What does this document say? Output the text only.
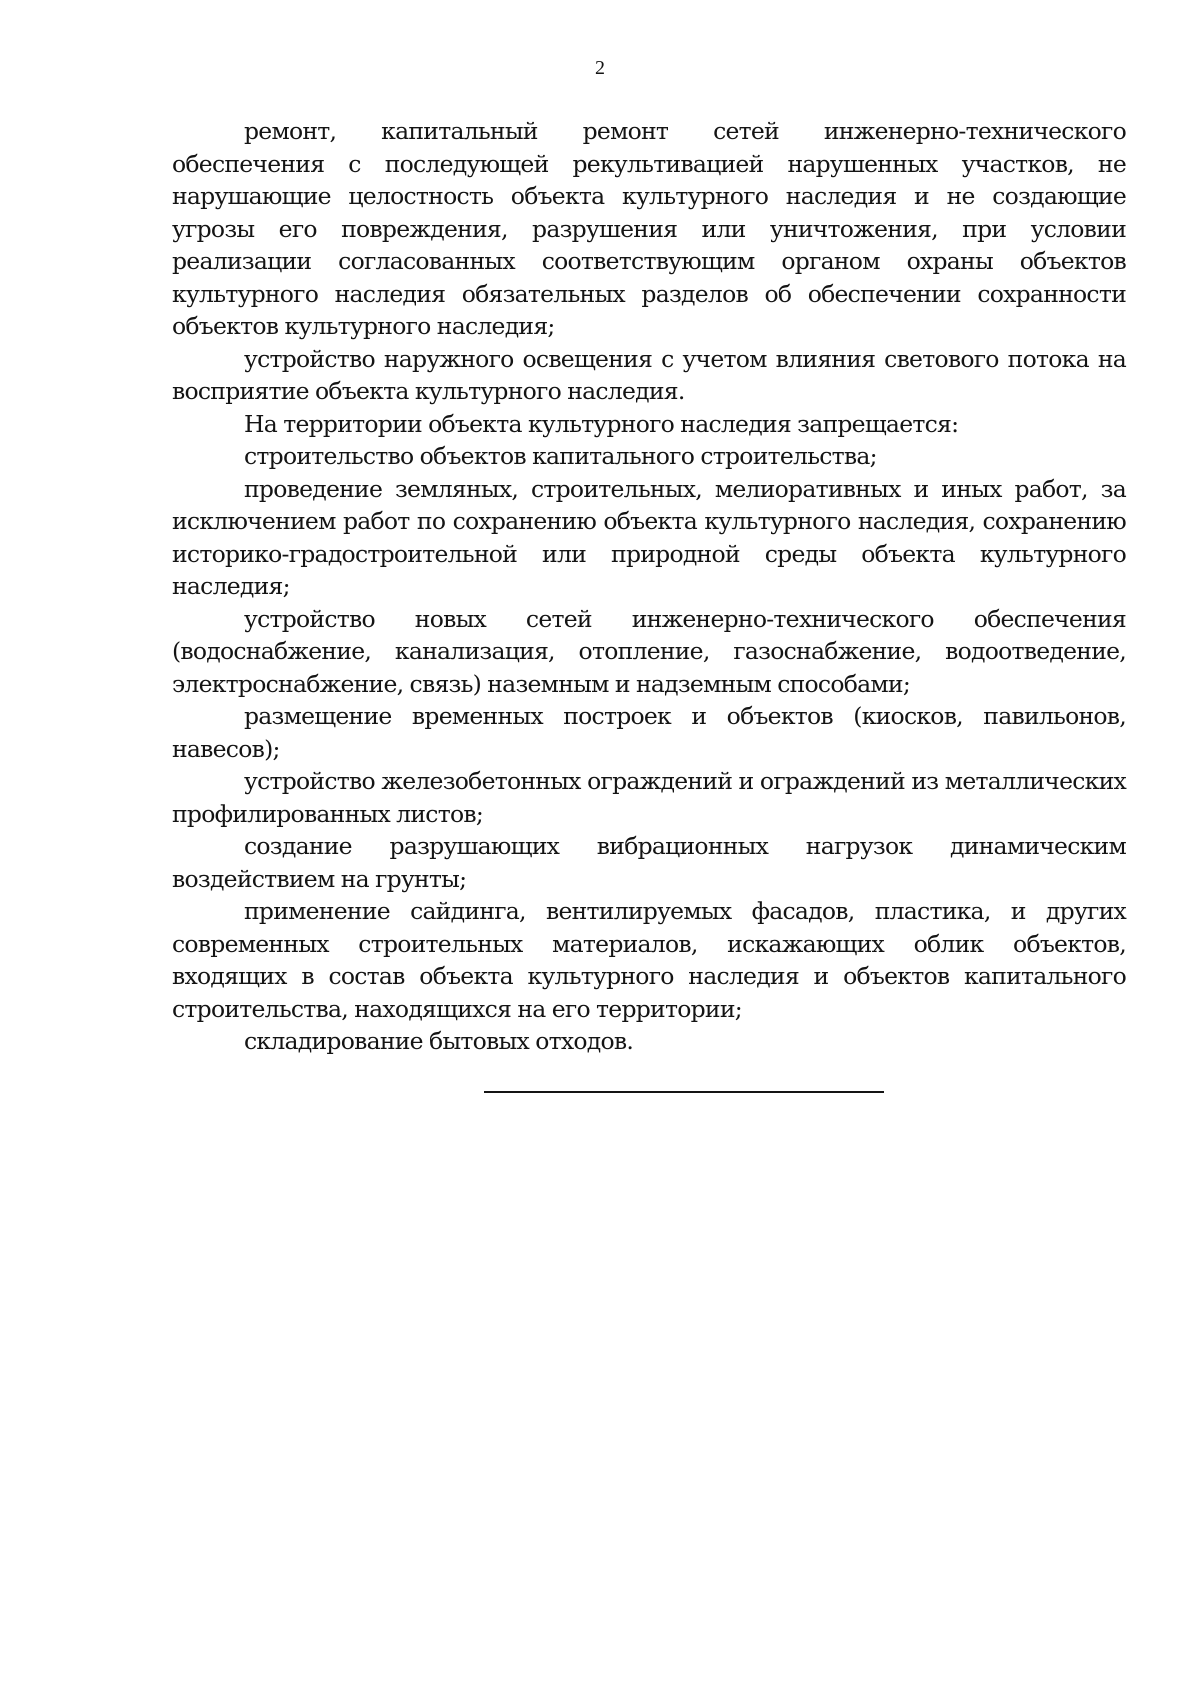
2

ремонт, капитальный ремонт сетей инженерно-технического обеспечения с последующей рекультивацией нарушенных участков, не нарушающие целостность объекта культурного наследия и не создающие угрозы его повреждения, разрушения или уничтожения, при условии реализации согласованных соответствующим органом охраны объектов культурного наследия обязательных разделов об обеспечении сохранности объектов культурного наследия;

устройство наружного освещения с учетом влияния светового потока на восприятие объекта культурного наследия.

На территории объекта культурного наследия запрещается:

строительство объектов капитального строительства;

проведение земляных, строительных, мелиоративных и иных работ, за исключением работ по сохранению объекта культурного наследия, сохранению историко-градостроительной или природной среды объекта культурного наследия;

устройство новых сетей инженерно-технического обеспечения (водоснабжение, канализация, отопление, газоснабжение, водоотведение, электроснабжение, связь) наземным и надземным способами;

размещение временных построек и объектов (киосков, павильонов, навесов);

устройство железобетонных ограждений и ограждений из металлических профилированных листов;

создание разрушающих вибрационных нагрузок динамическим воздействием на грунты;

применение сайдинга, вентилируемых фасадов, пластика, и других современных строительных материалов, искажающих облик объектов, входящих в состав объекта культурного наследия и объектов капитального строительства, находящихся на его территории;

складирование бытовых отходов.
